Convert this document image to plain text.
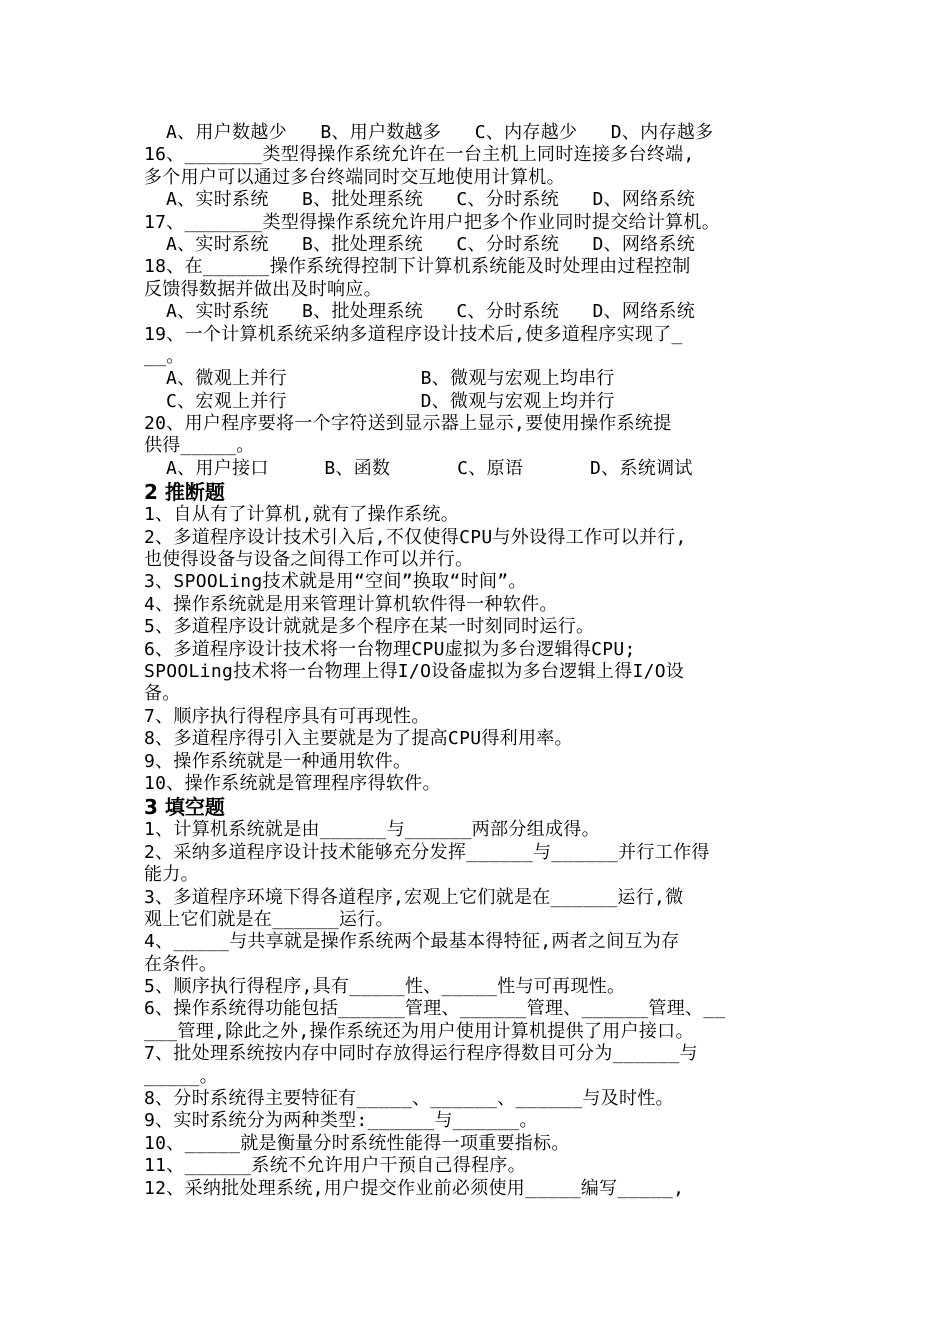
A、用户数越少   B、用户数越多   C、内存越少   D、内存越多
16、_______类型得操作系统允许在一台主机上同时连接多台终端,
多个用户可以通过多台终端同时交互地使用计算机。
A、实时系统   B、批处理系统   C、分时系统   D、网络系统
17、_______类型得操作系统允许用户把多个作业同时提交给计算机。
A、实时系统   B、批处理系统   C、分时系统   D、网络系统
18、在______操作系统得控制下计算机系统能及时处理由过程控制
反馈得数据并做出及时响应。
A、实时系统   B、批处理系统   C、分时系统   D、网络系统
19、一个计算机系统采纳多道程序设计技术后,使多道程序实现了_
__。
A、微观上并行            B、微观与宏观上均串行
C、宏观上并行            D、微观与宏观上均并行
20、用户程序要将一个字符送到显示器上显示,要使用操作系统提
供得_____。
A、用户接口     B、函数      C、原语      D、系统调试
2 推断题
1、自从有了计算机,就有了操作系统。
2、多道程序设计技术引入后,不仅使得CPU与外设得工作可以并行,
也使得设备与设备之间得工作可以并行。
3、SPOOLing技术就是用“空间”换取“时间”。
4、操作系统就是用来管理计算机软件得一种软件。
5、多道程序设计就就是多个程序在某一时刻同时运行。
6、多道程序设计技术将一台物理CPU虚拟为多台逻辑得CPU;
SPOOLing技术将一台物理上得I/O设备虚拟为多台逻辑上得I/O设
备。
7、顺序执行得程序具有可再现性。
8、多道程序得引入主要就是为了提高CPU得利用率。
9、操作系统就是一种通用软件。
10、操作系统就是管理程序得软件。
3 填空题
1、计算机系统就是由______与______两部分组成得。
2、采纳多道程序设计技术能够充分发挥______与______并行工作得
能力。
3、多道程序环境下得各道程序,宏观上它们就是在______运行,微
观上它们就是在______运行。
4、_____与共享就是操作系统两个最基本得特征,两者之间互为存
在条件。
5、顺序执行得程序,具有_____性、_____性与可再现性。
6、操作系统得功能包括______管理、______管理、______管理、__
___管理,除此之外,操作系统还为用户使用计算机提供了用户接口。
7、批处理系统按内存中同时存放得运行程序得数目可分为______与
_____。
8、分时系统得主要特征有_____、______、______与及时性。
9、实时系统分为两种类型:______与______。
10、_____就是衡量分时系统性能得一项重要指标。
11、______系统不允许用户干预自己得程序。
12、采纳批处理系统,用户提交作业前必须使用_____编写_____,
